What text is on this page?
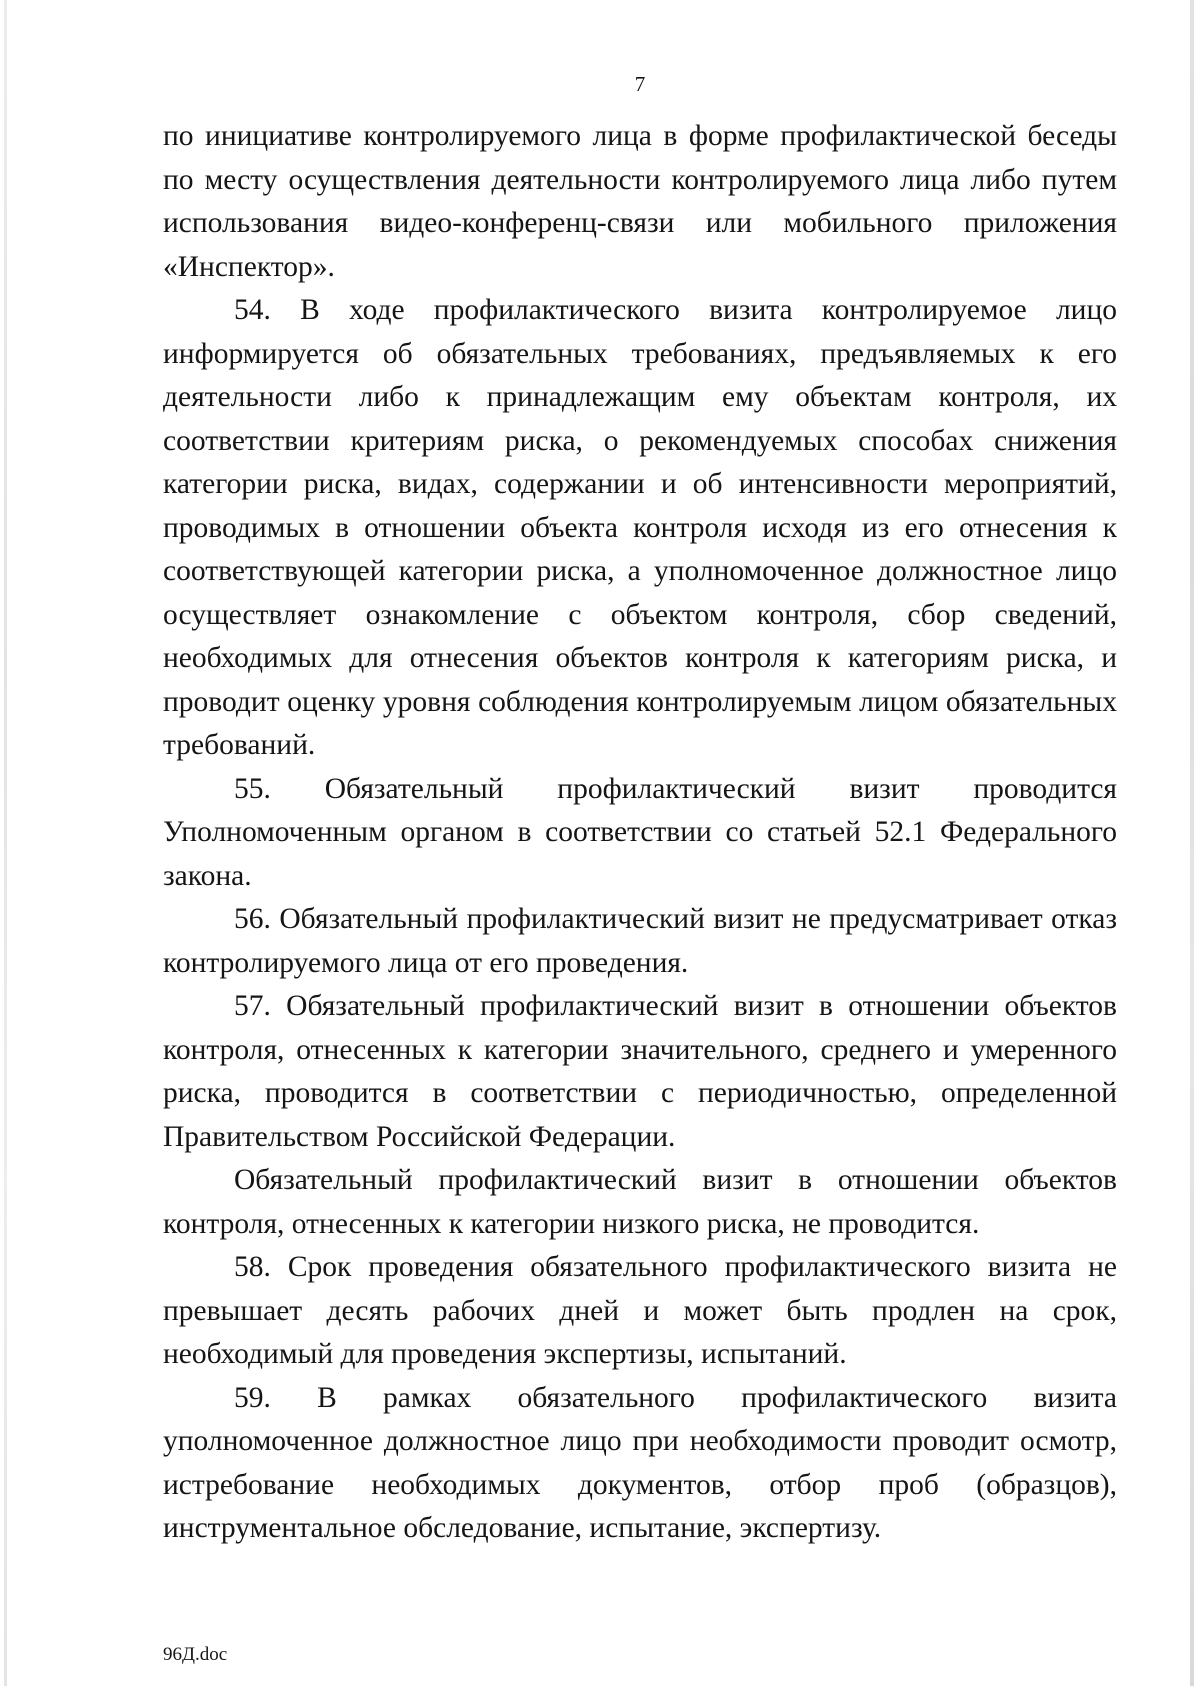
7

по инициативе контролируемого лица в форме профилактической беседы по месту осуществления деятельности контролируемого лица либо путем использования видео-конференц-связи или мобильного приложения «Инспектор».

54. В ходе профилактического визита контролируемое лицо информируется об обязательных требованиях, предъявляемых к его деятельности либо к принадлежащим ему объектам контроля, их соответствии критериям риска, о рекомендуемых способах снижения категории риска, видах, содержании и об интенсивности мероприятий, проводимых в отношении объекта контроля исходя из его отнесения к соответствующей категории риска, а уполномоченное должностное лицо осуществляет ознакомление с объектом контроля, сбор сведений, необходимых для отнесения объектов контроля к категориям риска, и проводит оценку уровня соблюдения контролируемым лицом обязательных требований.

55. Обязательный профилактический визит проводится Уполномоченным органом в соответствии со статьей 52.1 Федерального закона.

56. Обязательный профилактический визит не предусматривает отказ контролируемого лица от его проведения.

57. Обязательный профилактический визит в отношении объектов контроля, отнесенных к категории значительного, среднего и умеренного риска, проводится в соответствии с периодичностью, определенной Правительством Российской Федерации.

Обязательный профилактический визит в отношении объектов контроля, отнесенных к категории низкого риска, не проводится.

58. Срок проведения обязательного профилактического визита не превышает десять рабочих дней и может быть продлен на срок, необходимый для проведения экспертизы, испытаний.

59. В рамках обязательного профилактического визита уполномоченное должностное лицо при необходимости проводит осмотр, истребование необходимых документов, отбор проб (образцов), инструментальное обследование, испытание, экспертизу.

96Д.doc
